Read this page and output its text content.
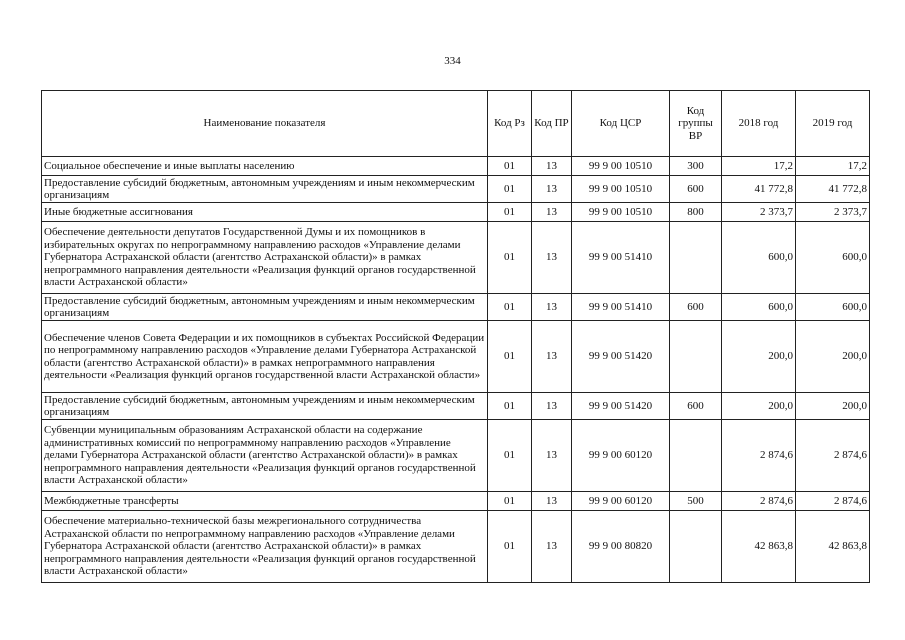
334
Наименование показателя	Код Рз	Код ПР	Код ЦСР	Код группы ВР	2018 год	2019 год
Социальное обеспечение и иные выплаты населению	01	13	99 9 00 10510	300	17,2	17,2
Предоставление субсидий бюджетным, автономным учреждениям и иным некоммерческим организациям	01	13	99 9 00 10510	600	41 772,8	41 772,8
Иные бюджетные ассигнования	01	13	99 9 00 10510	800	2 373,7	2 373,7
Обеспечение деятельности депутатов Государственной Думы и их помощников в избирательных округах по непрограммному направлению расходов «Управление делами Губернатора Астраханской области (агентство Астраханской области)» в рамках непрограммного направления деятельности «Реализация функций органов государственной власти Астраханской области»	01	13	99 9 00 51410		600,0	600,0
Предоставление субсидий бюджетным, автономным учреждениям и иным некоммерческим организациям	01	13	99 9 00 51410	600	600,0	600,0
Обеспечение членов Совета Федерации и их помощников в субъектах Российской Федерации по непрограммному направлению расходов «Управление делами Губернатора Астраханской области (агентство Астраханской области)» в рамках непрограммного направления деятельности «Реализация функций органов государственной власти Астраханской области»	01	13	99 9 00 51420		200,0	200,0
Предоставление субсидий бюджетным, автономным учреждениям и иным некоммерческим организациям	01	13	99 9 00 51420	600	200,0	200,0
Субвенции муниципальным образованиям Астраханской области на содержание административных комиссий по непрограммному направлению расходов «Управление делами Губернатора Астраханской области (агентство Астраханской области)» в рамках непрограммного направления деятельности «Реализация функций органов государственной власти Астраханской области»	01	13	99 9 00 60120		2 874,6	2 874,6
Межбюджетные трансферты	01	13	99 9 00 60120	500	2 874,6	2 874,6
Обеспечение материально-технической базы межрегионального сотрудничества Астраханской области по непрограммному направлению расходов «Управление делами Губернатора Астраханской области (агентство Астраханской области)» в рамках непрограммного направления деятельности «Реализация функций органов государственной власти Астраханской области»	01	13	99 9 00 80820		42 863,8	42 863,8
